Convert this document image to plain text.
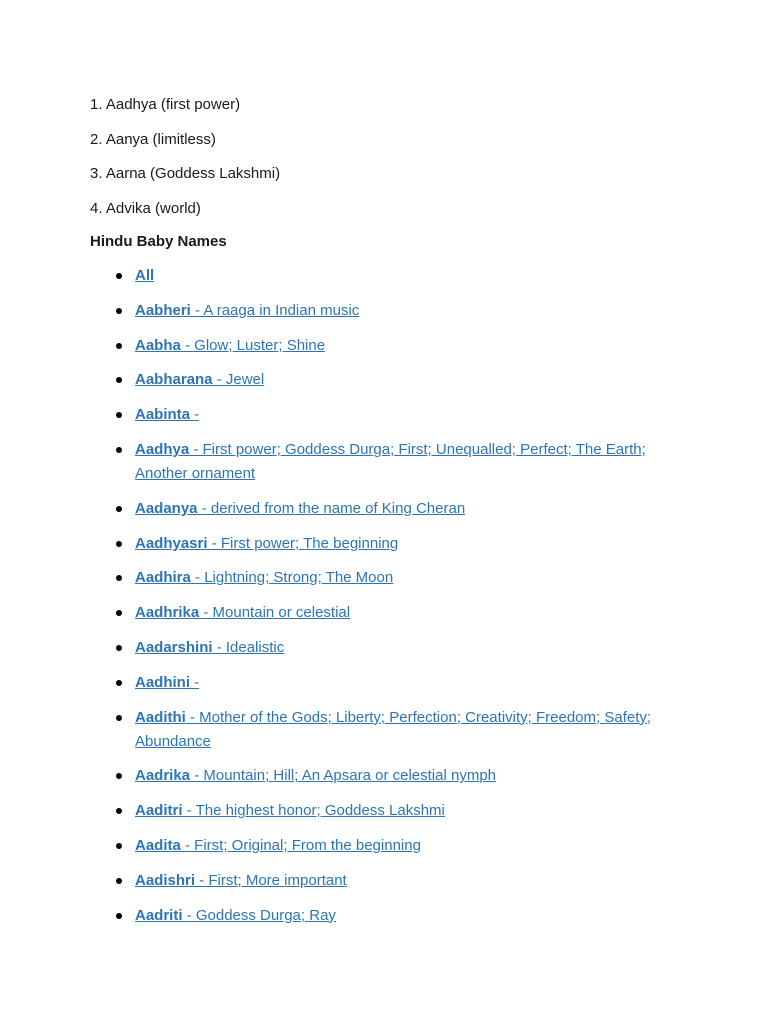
1. Aadhya (first power)
2. Aanya (limitless)
3. Aarna (Goddess Lakshmi)
4. Advika (world)
Hindu Baby Names
All
Aabheri - A raaga in Indian music
Aabha - Glow; Luster; Shine
Aabharana - Jewel
Aabinta -
Aadhya - First power; Goddess Durga; First; Unequalled; Perfect; The Earth; Another ornament
Aadanya - derived from the name of King Cheran
Aadhyasri - First power; The beginning
Aadhira - Lightning; Strong; The Moon
Aadhrika - Mountain or celestial
Aadarshini - Idealistic
Aadhini -
Aadithi - Mother of the Gods; Liberty; Perfection; Creativity; Freedom; Safety; Abundance
Aadrika - Mountain; Hill; An Apsara or celestial nymph
Aaditri - The highest honor; Goddess Lakshmi
Aadita - First; Original; From the beginning
Aadishri - First; More important
Aadriti - Goddess Durga; Ray
